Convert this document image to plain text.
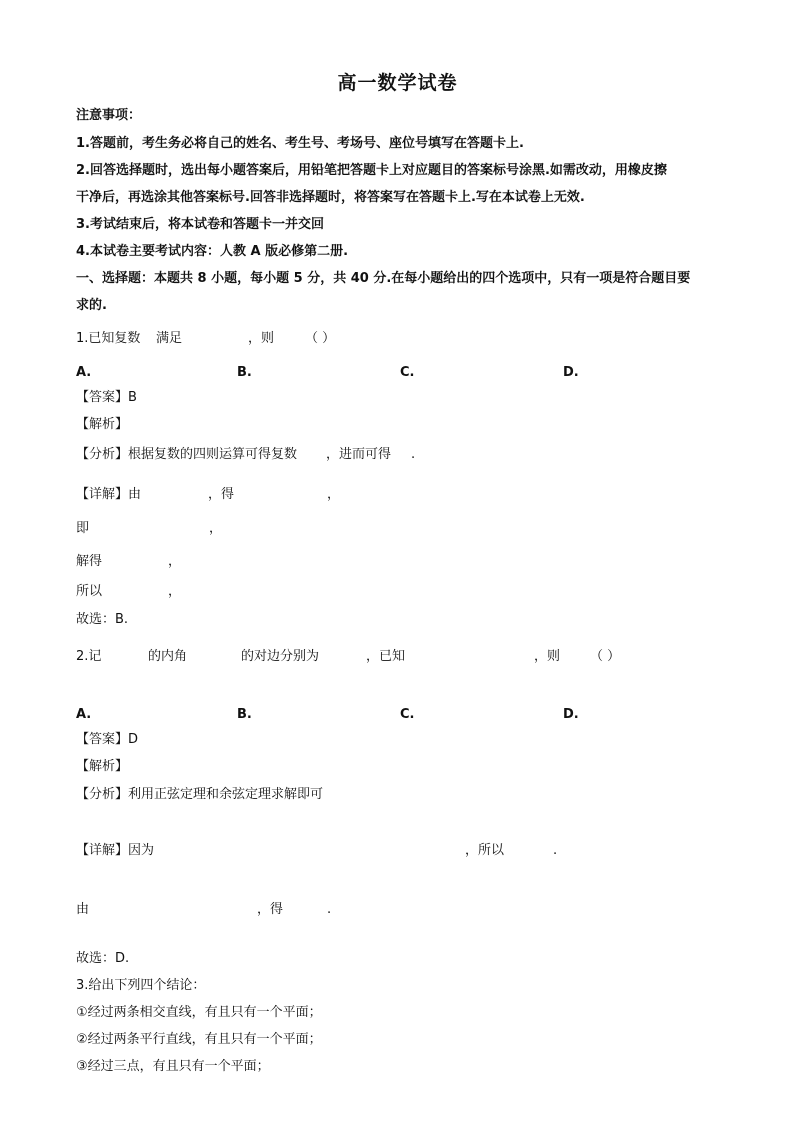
高一数学试卷
注意事项：
1.答题前，考生务必将自己的姓名、考生号、考场号、座位号填写在答题卡上.
2.回答选择题时，选出每小题答案后，用铅笔把答题卡上对应题目的答案标号涂黑.如需改动，用橡皮擦
干净后，再选涂其他答案标号.回答非选择题时，将答案写在答题卡上.写在本试卷上无效.
3.考试结束后，将本试卷和答题卡一并交回
4.本试卷主要考试内容：人教 A 版必修第二册.
一、选择题：本题共 8 小题，每小题 5 分，共 40 分.在每小题给出的四个选项中，只有一项是符合题目要
求的.
1.已知复数 满足	，则 （ ）
A.	B.	C.	D.
【答案】B
【解析】
【分析】根据复数的四则运算可得复数 ，进而可得 .
【详解】由	，得	，
即	，
解得	，
所以	，
故选：B.
2.记	的内角	的对边分别为	，已知	，则 （ ）
A.	B.	C.	D.
【答案】D
【解析】
【分析】利用正弦定理和余弦定理求解即可
【详解】因为	，所以	.
由	，得	.
故选：D.
3.给出下列四个结论：
①经过两条相交直线，有且只有一个平面；
②经过两条平行直线，有且只有一个平面；
③经过三点，有且只有一个平面；
